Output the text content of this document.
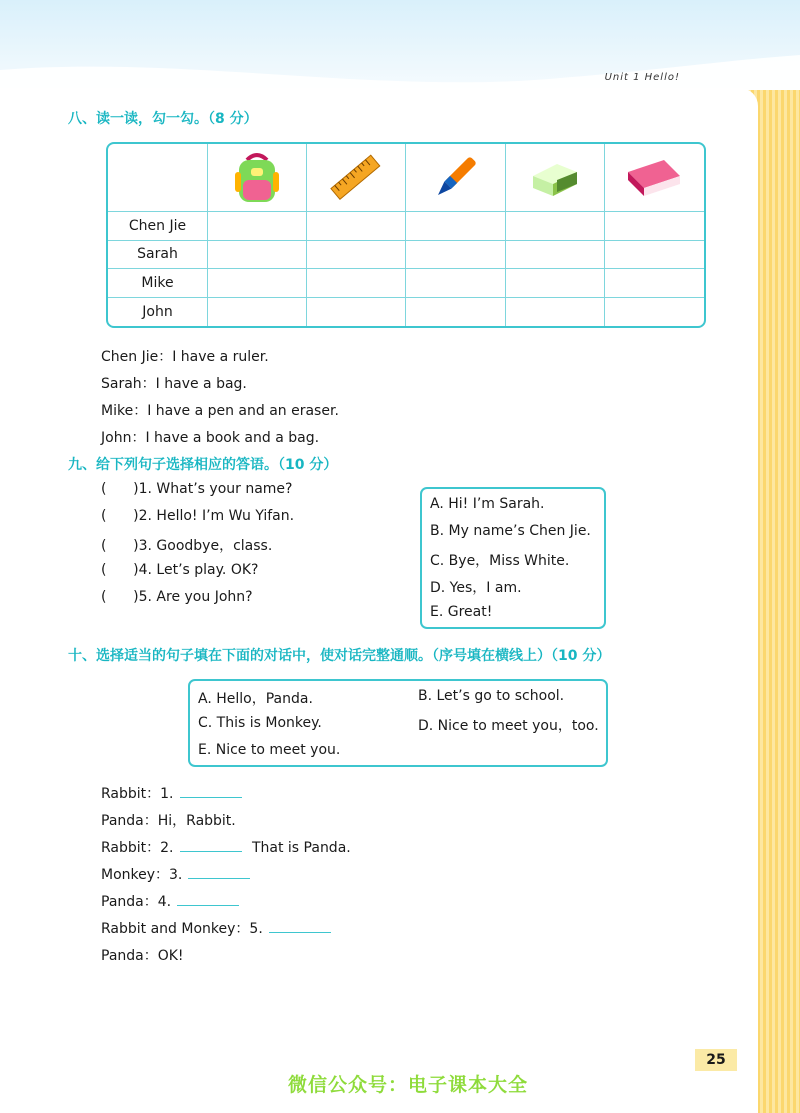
Unit 1 Hello!
八、读一读，勾一勾。（8 分）
Chen Jie
Sarah
Mike
John
Chen Jie：I have a ruler.
Sarah：I have a bag.
Mike：I have a pen and an eraser.
John：I have a book and a bag.
九、给下列句子选择相应的答语。（10 分）
(      )1. What’s your name?
(      )2. Hello! I’m Wu Yifan.
(      )3. Goodbye，class.
(      )4. Let’s play. OK?
(      )5. Are you John?
A. Hi! I’m Sarah.
B. My name’s Chen Jie.
C. Bye，Miss White.
D. Yes，I am.
E. Great!
十、选择适当的句子填在下面的对话中，使对话完整通顺。（序号填在横线上）（10 分）
A. Hello，Panda.	B. Let’s go to school.
C. This is Monkey.	D. Nice to meet you，too.
E. Nice to meet you.
Rabbit：1.
Panda：Hi，Rabbit.
Rabbit：2.	That is Panda.
Monkey：3.
Panda：4.
Rabbit and Monkey：5.
Panda：OK!
25
微信公众号：电子课本大全
